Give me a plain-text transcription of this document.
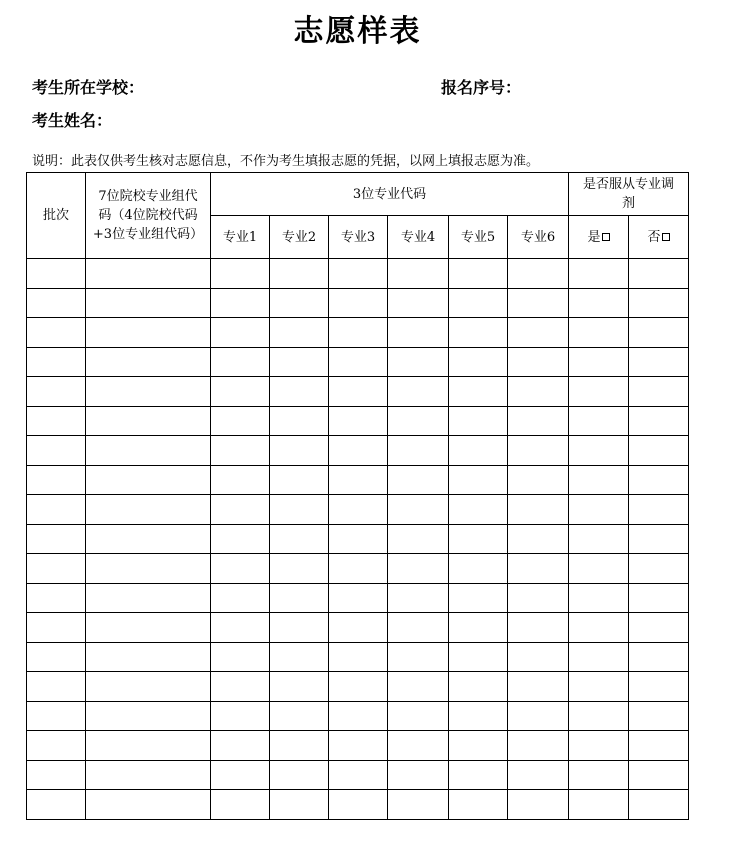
志愿样表
考生所在学校：	报名序号：
考生姓名：
说明：此表仅供考生核对志愿信息，不作为考生填报志愿的凭据，以网上填报志愿为准。
批次	7位院校专业组代码（4位院校代码+3位专业组代码）	3位专业代码						是否服从专业调剂	
		专业1	专业2	专业3	专业4	专业5	专业6	是	否
